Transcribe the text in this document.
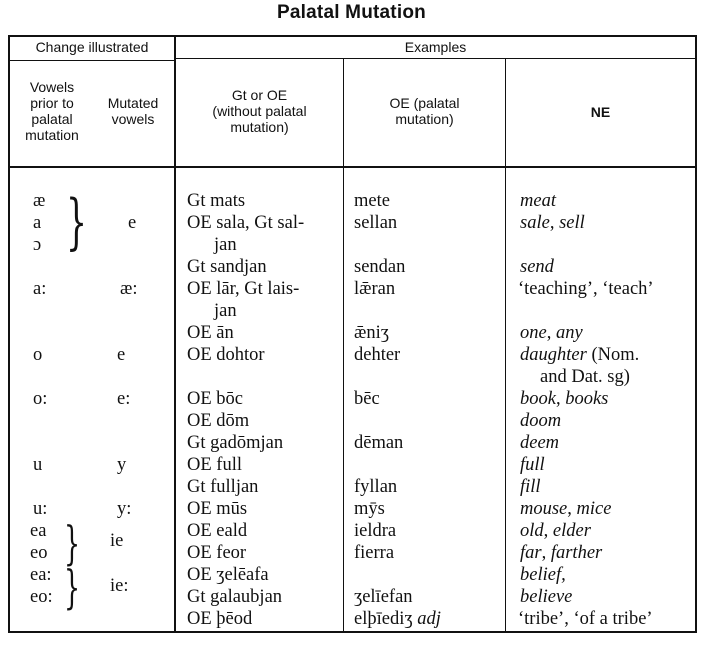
Palatal Mutation
Change illustrated	Examples
Vowels
prior to
palatal
mutation
Mutated
vowels
Gt or OE
(without palatal
mutation)
OE (palatal
mutation)	NE
æ
a
ɔ
a:
o
o:
u
u:
ea
eo
ea:
eo:
}
}
}
e
æ:
e
e:
y
y:
ie
ie:
Gt mats
OE sala, Gt sal-
jan
Gt sandjan
OE lār, Gt lais-
jan
OE ān
OE dohtor
OE bōc
OE dōm
Gt gadōmjan
OE full
Gt fulljan
OE mūs
OE eald
OE feor
OE ʒelēafa
Gt galaubjan
OE þēod
mete
sellan
sendan
lǣran
ǣniʒ
dehter
bēc
dēman
fyllan
mȳs
ieldra
fierra
ʒelīefan
elþīediʒ adj
meat
sale, sell
send
‘teaching’, ‘teach’
one, any
daughter (Nom.
and Dat. sg)
book, books
doom
deem
full
fill
mouse, mice
old, elder
far, farther
belief,
believe
‘tribe’, ‘of a tribe’
